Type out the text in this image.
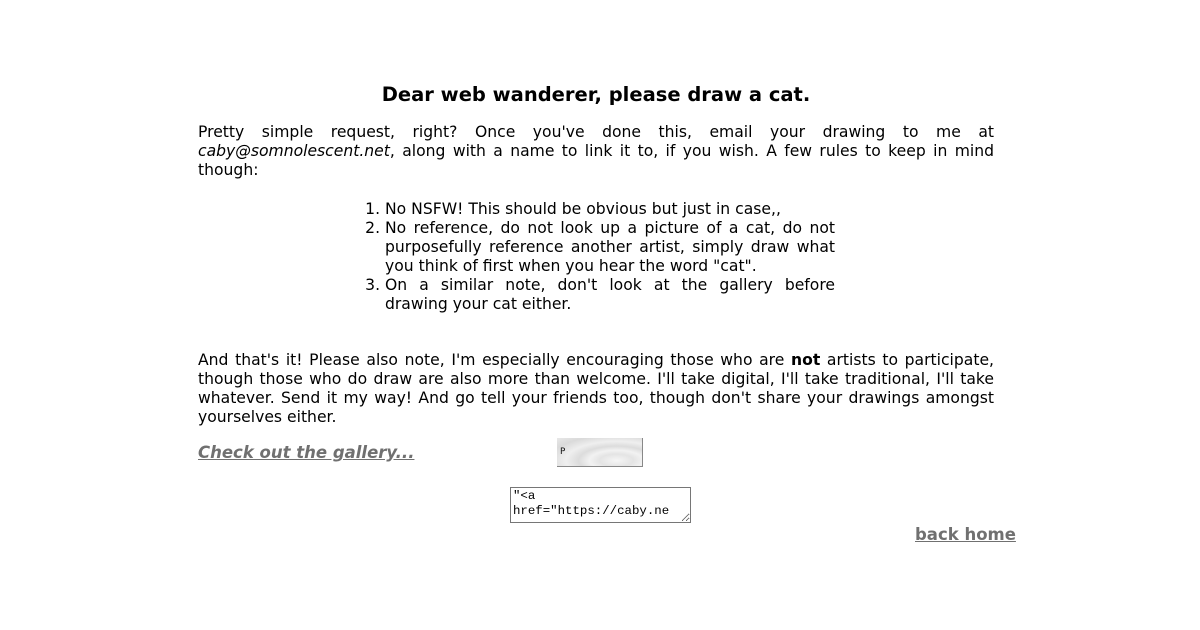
Dear web wanderer, please draw a cat.

Pretty simple request, right? Once you've done this, email your drawing to me at caby@somnolescent.net, along with a name to link it to, if you wish. A few rules to keep in mind though:

1. No NSFW! This should be obvious but just in case,,
2. No reference, do not look up a picture of a cat, do not purposefully reference another artist, simply draw what you think of first when you hear the word "cat".
3. On a similar note, don't look at the gallery before drawing your cat either.

And that's it! Please also note, I'm especially encouraging those who are not artists to participate, though those who do draw are also more than welcome. I'll take digital, I'll take traditional, I'll take whatever. Send it my way! And go tell your friends too, though don't share your drawings amongst yourselves either.

Check out the gallery...	P
"<a href="https://caby.ne
back home
